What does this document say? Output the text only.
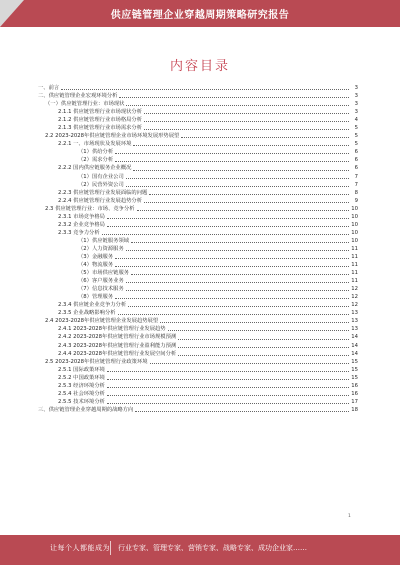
供应链管理企业穿越周期策略研究报告
内容目录
一、前言	3
二、供应链管理企业宏观环境分析	3
（一）供应链管理行业：市场现状	3
2.1.1 供应链管理行业市场现状分析	3
2.1.2 供应链管理行业市场格局分析	4
2.1.3 供应链管理行业市场需求分析	5
2.2 2023-2028年供应链管理企业市场环境发展形势展望	5
2.2.1 一、市场现状及发展环境	5
（1）供给分析	6
（2）需求分析	6
2.2.2 国内供应链服务企业概况	6
（1）国有企业公司	7
（2）民营外资公司	7
2.2.3 供应链管理行业发展面临的问题	8
2.2.4 供应链管理行业发展趋势分析	9
2.3 供应链管理行业：市场、竞争分析	10
2.3.1 市场竞争格局	10
2.3.2 企业竞争格局	10
2.3.3 竞争力分析	10
（1）供应链服务领域	10
（2）人力资源服务	11
（3）金融服务	11
（4）物流服务	11
（5）市场供应链服务	11
（6）客户服务业务	11
（7）信息技术服务	12
（8）管理服务	12
2.3.4 供应链企业竞争力分析	12
2.3.5 企业战略影响分析	13
2.4 2023-2028年供应链管理企业发展趋势展望	13
2.4.1 2023-2028年供应链管理行业发展趋势	13
2.4.2 2023-2028年供应链管理行业市场规模预测	14
2.4.3 2023-2028年供应链管理行业盈利能力预测	14
2.4.4 2023-2028年供应链管理行业发展空间分析	14
2.5 2023-2028年供应链管理行业政策环境	15
2.5.1 国际政策环境	15
2.5.2 中国政策环境	15
2.5.3 经济环境分析	16
2.5.4 社会环境分析	16
2.5.5 技术环境分析	17
三、供应链管理企业穿越周期的战略方向	18
1
让每个人都能成为 行业专家、管理专家、营销专家、战略专家、成功企业家……
